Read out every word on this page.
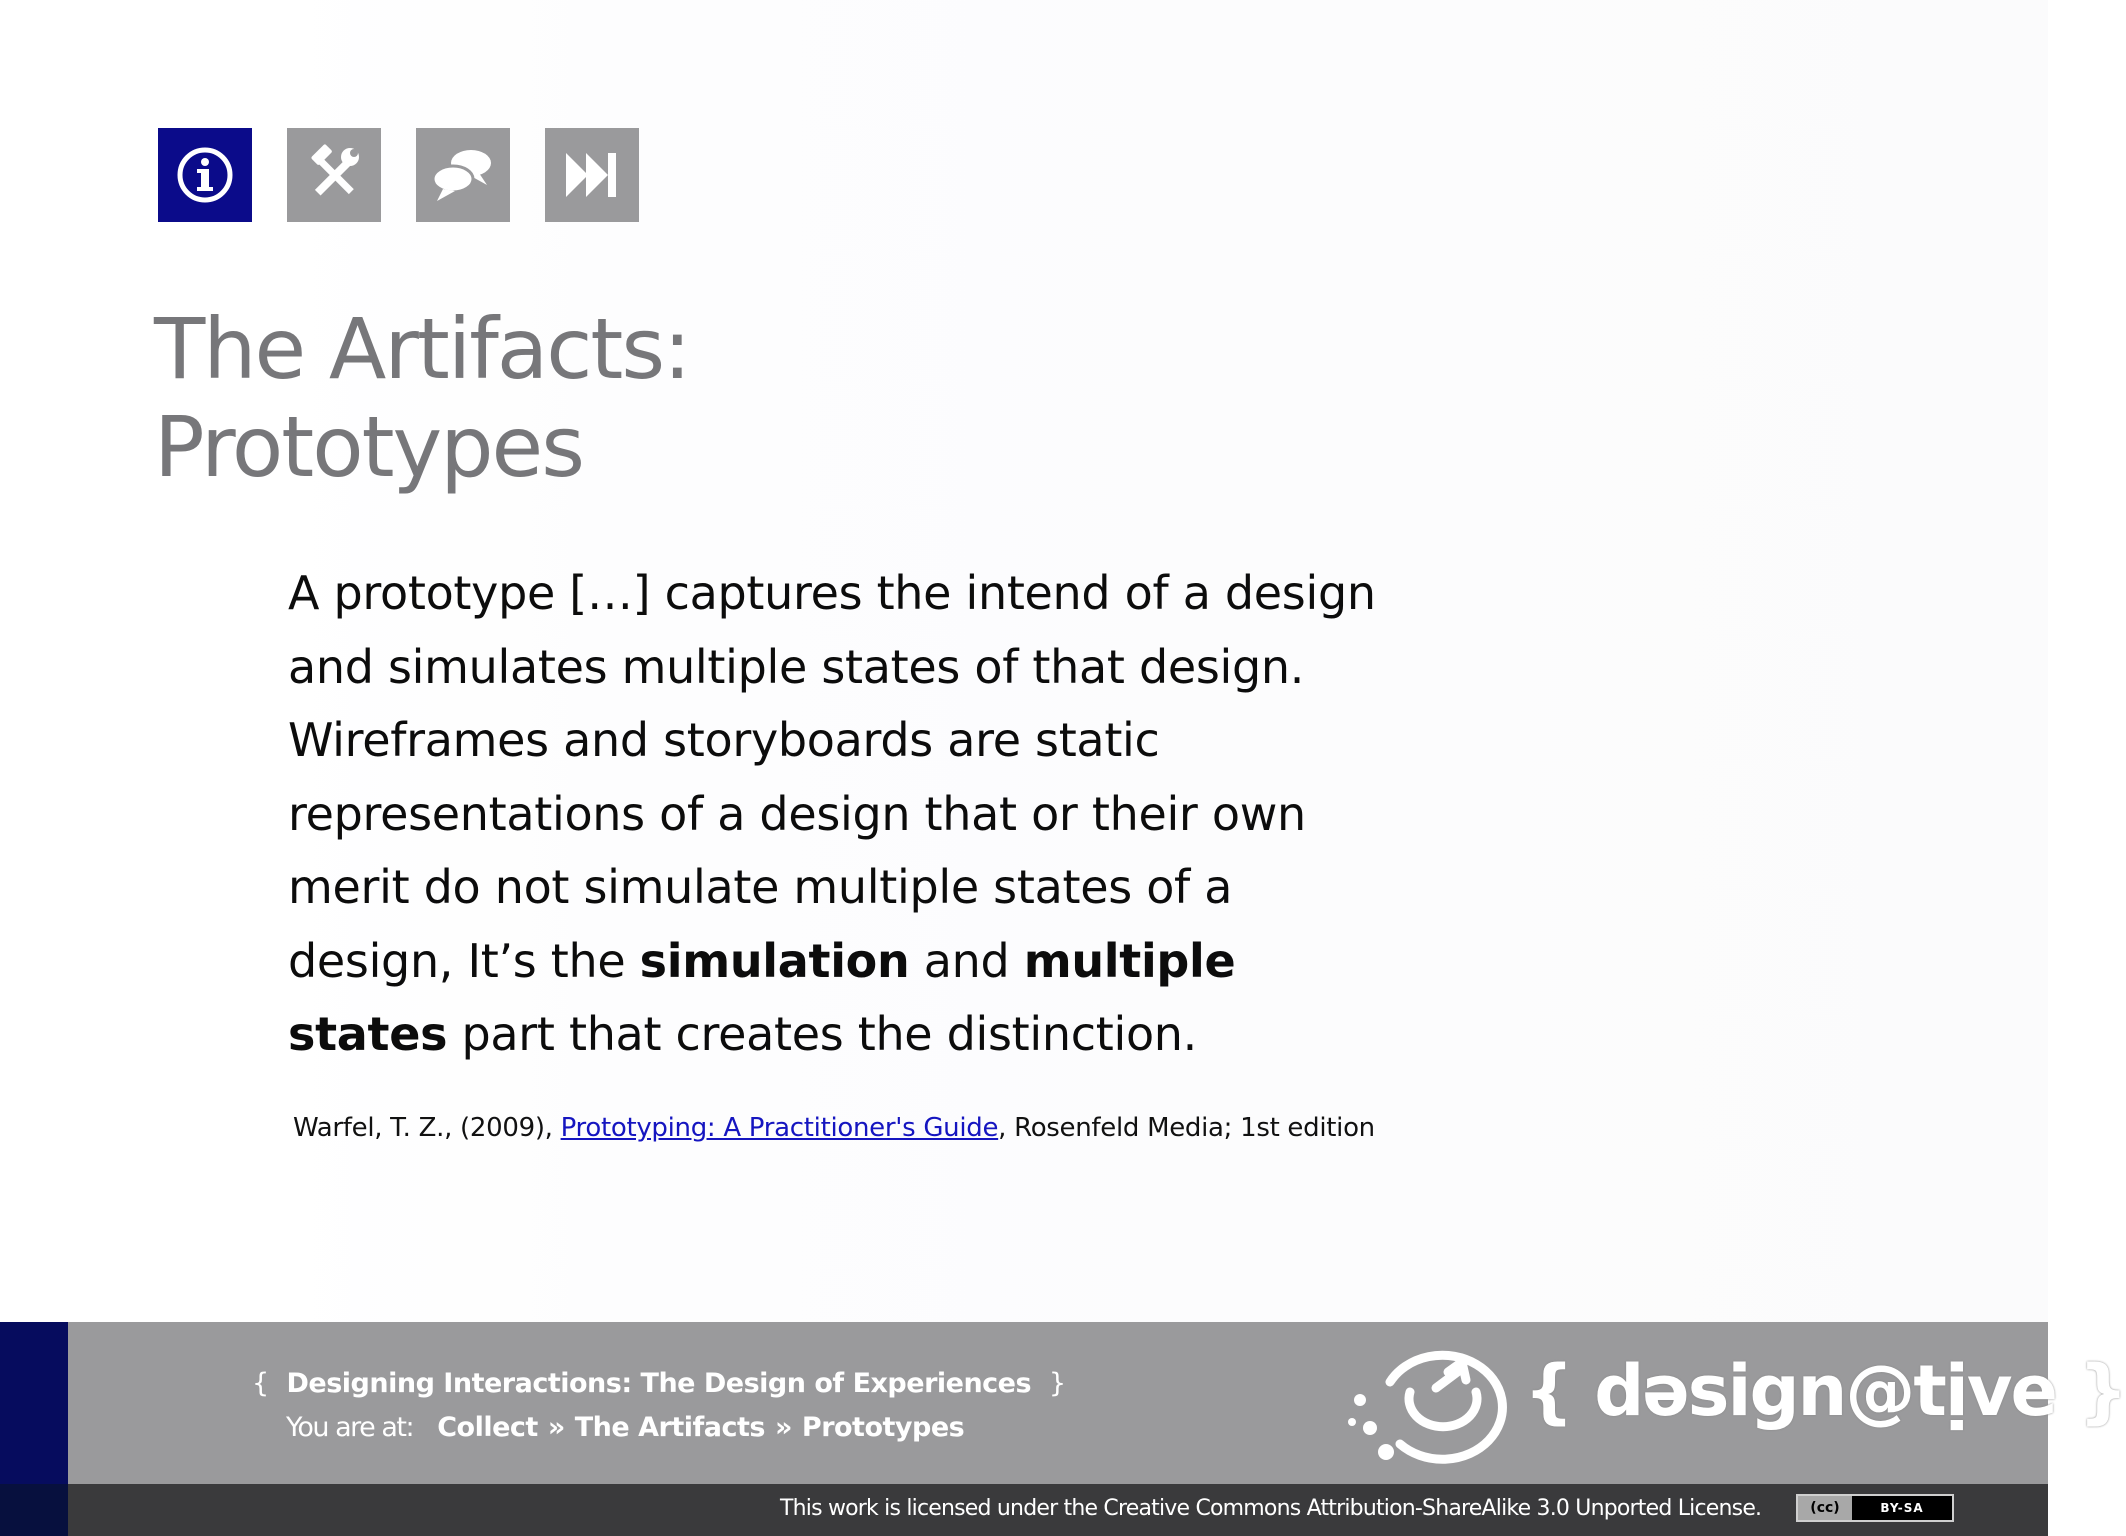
The Artifacts:
Prototypes
A prototype […] captures the intend of a design and simulates multiple states of that design. Wireframes and storyboards are static representations of a design that or their own merit do not simulate multiple states of a design, It’s the simulation and multiple states part that creates the distinction.
Warfel, T. Z., (2009), Prototyping: A Practitioner's Guide, Rosenfeld Media; 1st edition
{ Designing Interactions: The Design of Experiences }
You are at: Collect » The Artifacts » Prototypes	{ dǝsign@tịve }
This work is licensed under the Creative Commons Attribution-ShareAlike 3.0 Unported License.	(cc)	BY-SA
